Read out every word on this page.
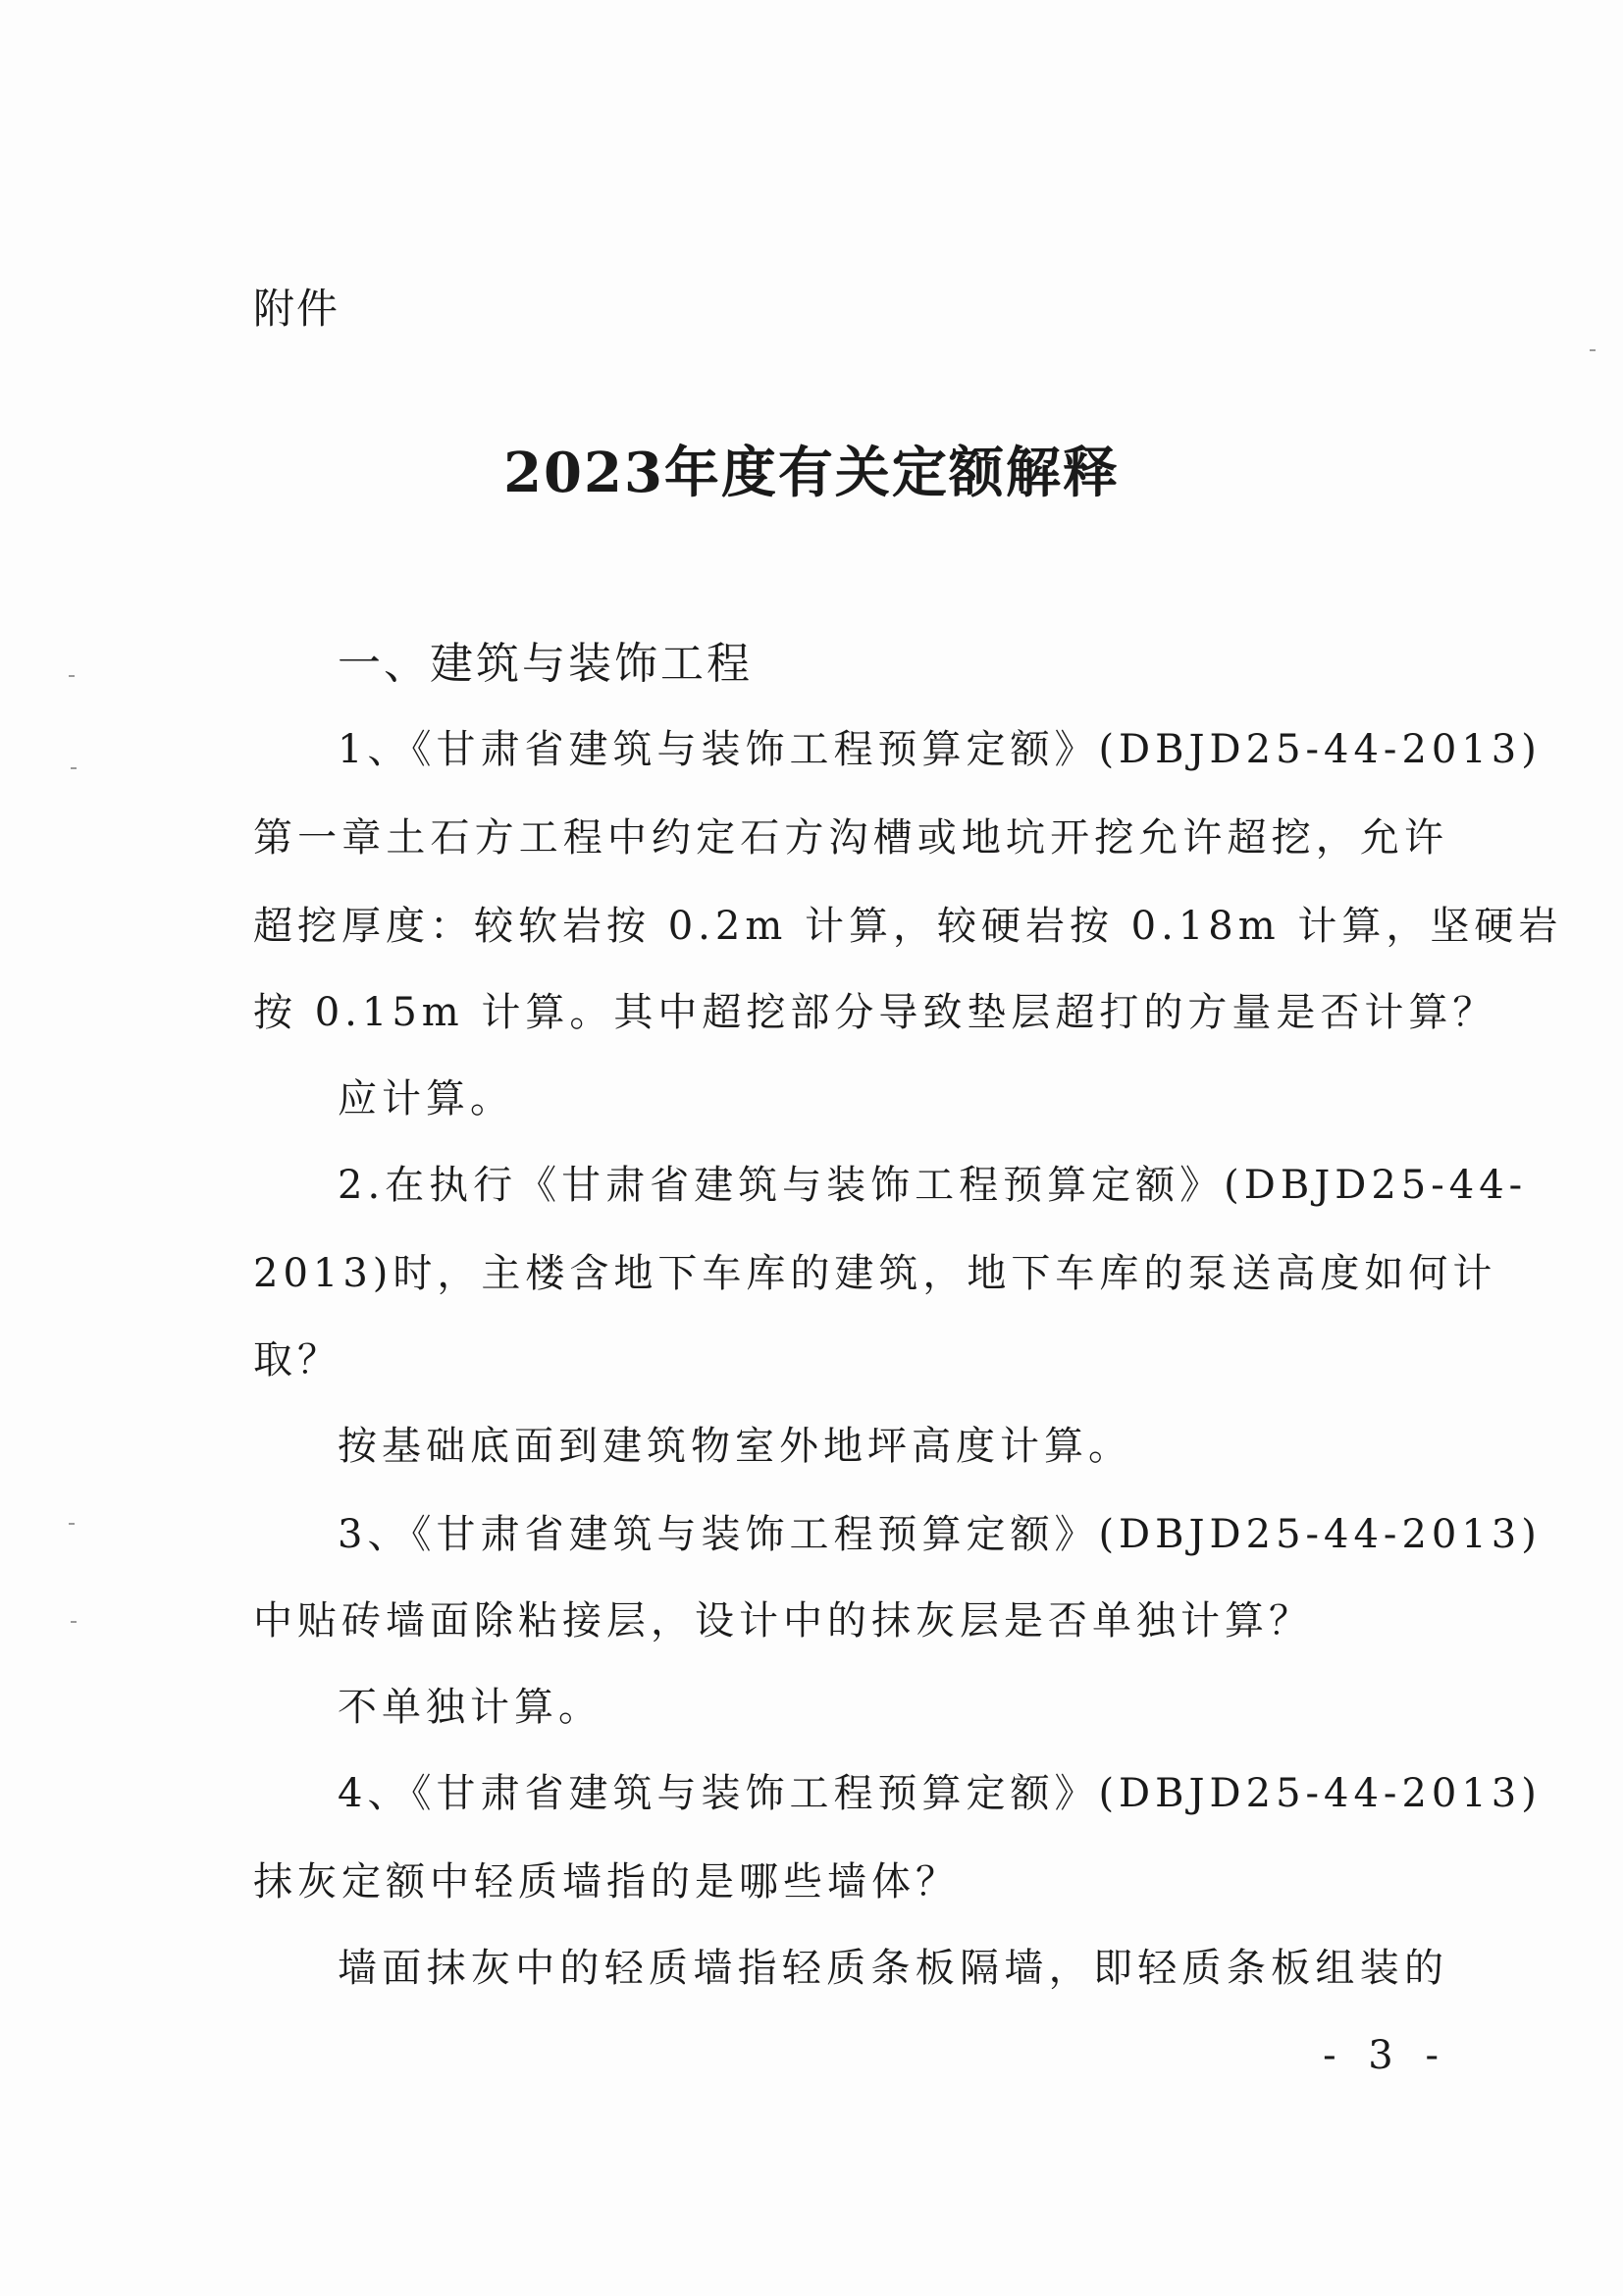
附件
2023年度有关定额解释
一、建筑与装饰工程
1、《甘肃省建筑与装饰工程预算定额》(DBJD25-44-2013)
第一章土石方工程中约定石方沟槽或地坑开挖允许超挖，允许
超挖厚度：较软岩按 0.2m 计算，较硬岩按 0.18m 计算，坚硬岩
按 0.15m 计算。其中超挖部分导致垫层超打的方量是否计算？
应计算。
2.在执行《甘肃省建筑与装饰工程预算定额》(DBJD25-44-
2013)时，主楼含地下车库的建筑，地下车库的泵送高度如何计
取？
按基础底面到建筑物室外地坪高度计算。
3、《甘肃省建筑与装饰工程预算定额》(DBJD25-44-2013)
中贴砖墙面除粘接层，设计中的抹灰层是否单独计算？
不单独计算。
4、《甘肃省建筑与装饰工程预算定额》(DBJD25-44-2013)
抹灰定额中轻质墙指的是哪些墙体？
墙面抹灰中的轻质墙指轻质条板隔墙，即轻质条板组装的
- 3 -
